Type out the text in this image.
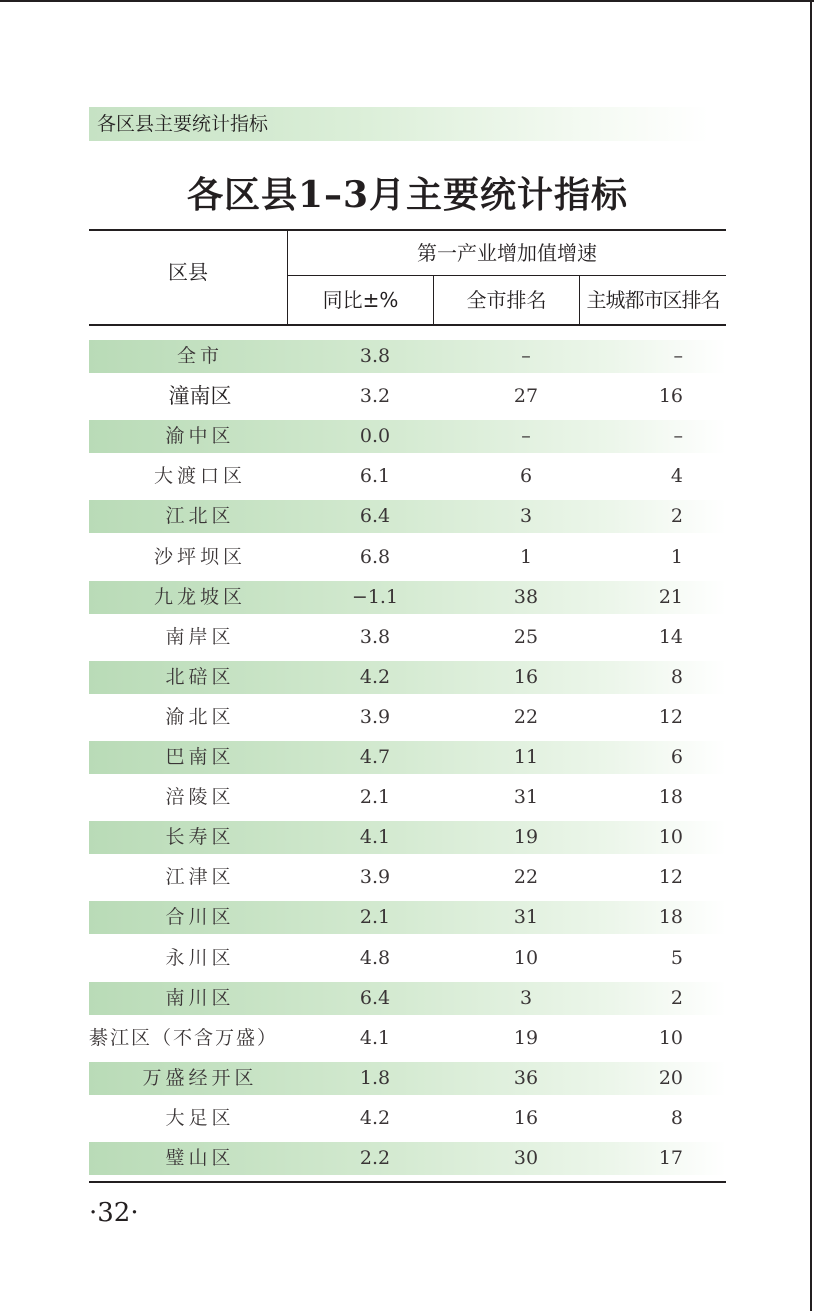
各区县主要统计指标
各区县1–3月主要统计指标
区县
第一产业增加值增速
同比±%	全市排名	主城都市区排名
全市	3.8	–	–
潼南区	3.2	27	16
渝中区	0.0	–	–
大渡口区	6.1	6	4
江北区	6.4	3	2
沙坪坝区	6.8	1	1
九龙坡区	−1.1	38	21
南岸区	3.8	25	14
北碚区	4.2	16	8
渝北区	3.9	22	12
巴南区	4.7	11	6
涪陵区	2.1	31	18
长寿区	4.1	19	10
江津区	3.9	22	12
合川区	2.1	31	18
永川区	4.8	10	5
南川区	6.4	3	2
綦江区（不含万盛）	4.1	19	10
万盛经开区	1.8	36	20
大足区	4.2	16	8
璧山区	2.2	30	17
·32·
